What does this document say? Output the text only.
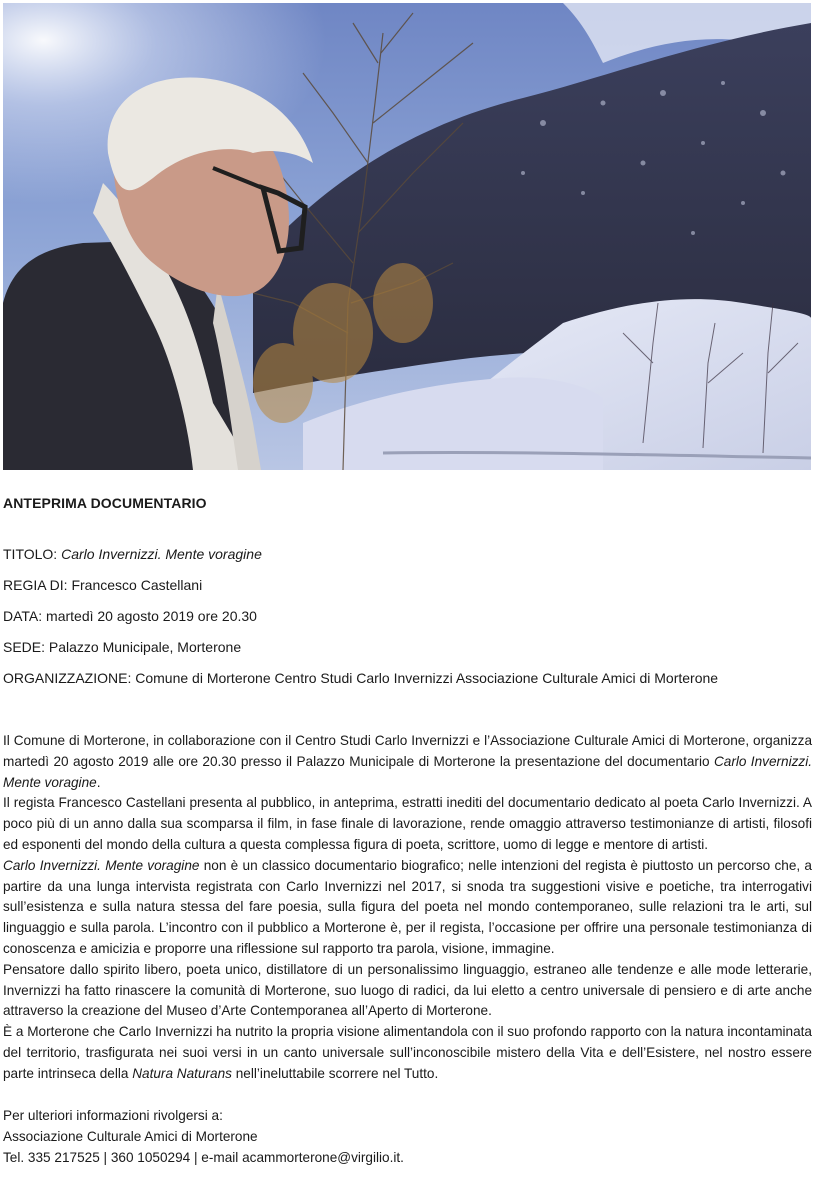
ANTEPRIMA DOCUMENTARIO
TITOLO: Carlo Invernizzi. Mente voragine
REGIA DI: Francesco Castellani
DATA: martedì 20 agosto 2019 ore 20.30
SEDE: Palazzo Municipale, Morterone
ORGANIZZAZIONE: Comune di Morterone Centro Studi Carlo Invernizzi Associazione Culturale Amici di Morterone

Il Comune di Morterone, in collaborazione con il Centro Studi Carlo Invernizzi e l’Associazione Culturale Amici di Morterone, organizza martedì 20 agosto 2019 alle ore 20.30 presso il Palazzo Municipale di Morterone la presentazione del documentario Carlo Invernizzi. Mente voragine.

Il regista Francesco Castellani presenta al pubblico, in anteprima, estratti inediti del documentario dedicato al poeta Carlo Invernizzi. A poco più di un anno dalla sua scomparsa il film, in fase finale di lavorazione, rende omaggio attraverso testimonianze di artisti, filosofi ed esponenti del mondo della cultura a questa complessa figura di poeta, scrittore, uomo di legge e mentore di artisti.

Carlo Invernizzi. Mente voragine non è un classico documentario biografico; nelle intenzioni del regista è piuttosto un percorso che, a partire da una lunga intervista registrata con Carlo Invernizzi nel 2017, si snoda tra suggestioni visive e poetiche, tra interrogativi sull’esistenza e sulla natura stessa del fare poesia, sulla figura del poeta nel mondo contemporaneo, sulle relazioni tra le arti, sul linguaggio e sulla parola. L’incontro con il pubblico a Morterone è, per il regista, l’occasione per offrire una personale testimonianza di conoscenza e amicizia e proporre una riflessione sul rapporto tra parola, visione, immagine.

Pensatore dallo spirito libero, poeta unico, distillatore di un personalissimo linguaggio, estraneo alle tendenze e alle mode letterarie, Invernizzi ha fatto rinascere la comunità di Morterone, suo luogo di radici, da lui eletto a centro universale di pensiero e di arte anche attraverso la creazione del Museo d’Arte Contemporanea all’Aperto di Morterone.

È a Morterone che Carlo Invernizzi ha nutrito la propria visione alimentandola con il suo profondo rapporto con la natura incontaminata del territorio, trasfigurata nei suoi versi in un canto universale sull’inconoscibile mistero della Vita e dell’Esistere, nel nostro essere parte intrinseca della Natura Naturans nell’ineluttabile scorrere nel Tutto.

Per ulteriori informazioni rivolgersi a:

Associazione Culturale Amici di Morterone

Tel. 335 217525 | 360 1050294 | e-mail acammorterone@virgilio.it.
